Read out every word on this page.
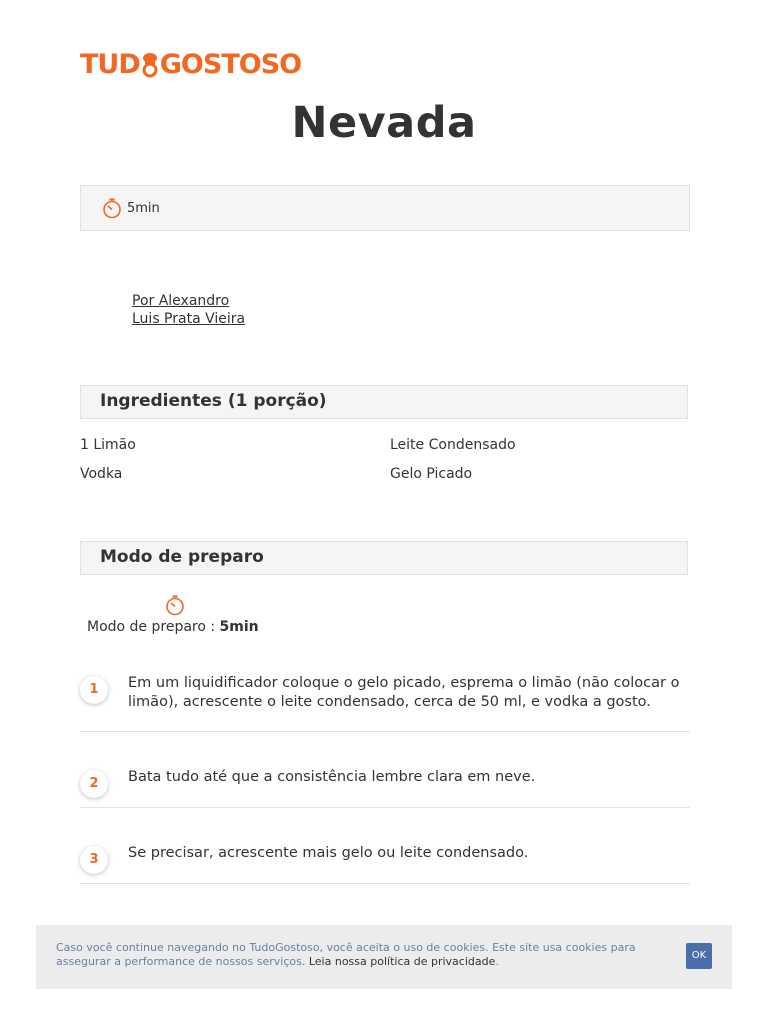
TUD GOSTOSO
Nevada
5min
Por Alexandro
Luis Prata Vieira
Ingredientes (1 porção)
1 Limão	Leite Condensado
Vodka	Gelo Picado
Modo de preparo
Modo de preparo : 5min
1	Em um liquidificador coloque o gelo picado, esprema o limão (não colocar o limão), acrescente o leite condensado, cerca de 50 ml, e vodka a gosto.
2	Bata tudo até que a consistência lembre clara em neve.
3	Se precisar, acrescente mais gelo ou leite condensado.
Caso você continue navegando no TudoGostoso, você aceita o uso de cookies. Este site usa cookies para assegurar a performance de nossos serviços. Leia nossa política de privacidade.	OK
